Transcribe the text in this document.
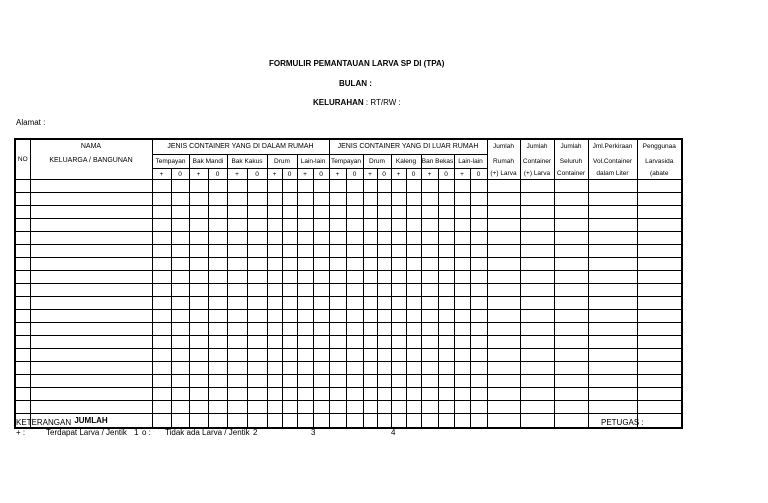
FORMULIR PEMANTAUAN LARVA SP DI (TPA)
BULAN :
KELURAHAN : RT/RW :
Alamat :
NO	NAMA	JENIS CONTAINER YANG DI DALAM RUMAH										JENIS CONTAINER YANG DI LUAR RUMAH										Jumlah	Jumlah	Jumlah	Jml.Perkiraan	Penggunaa
	KELUARGA / BANGUNAN	Tempayan		Bak Mandi		Bak Kakus		Drum		Lain-lain		Tempayan		Drum		Kaleng		Ban Bekas		Lain-lain		Rumah	Container	Seluruh	Vol.Container	Larvasida
		+	0	+	0	+	0	+	0	+	0	+	0	+	0	+	0	+	0	+	0	(+) Larva	(+) Larva	Container	dalam Liter	(abate

	JUMLAH																									
KETERANGAN	PETUGAS :
+ :	Terdapat Larva / Jentik 1 o : Tidak ada Larva / Jentik 2	3	4
